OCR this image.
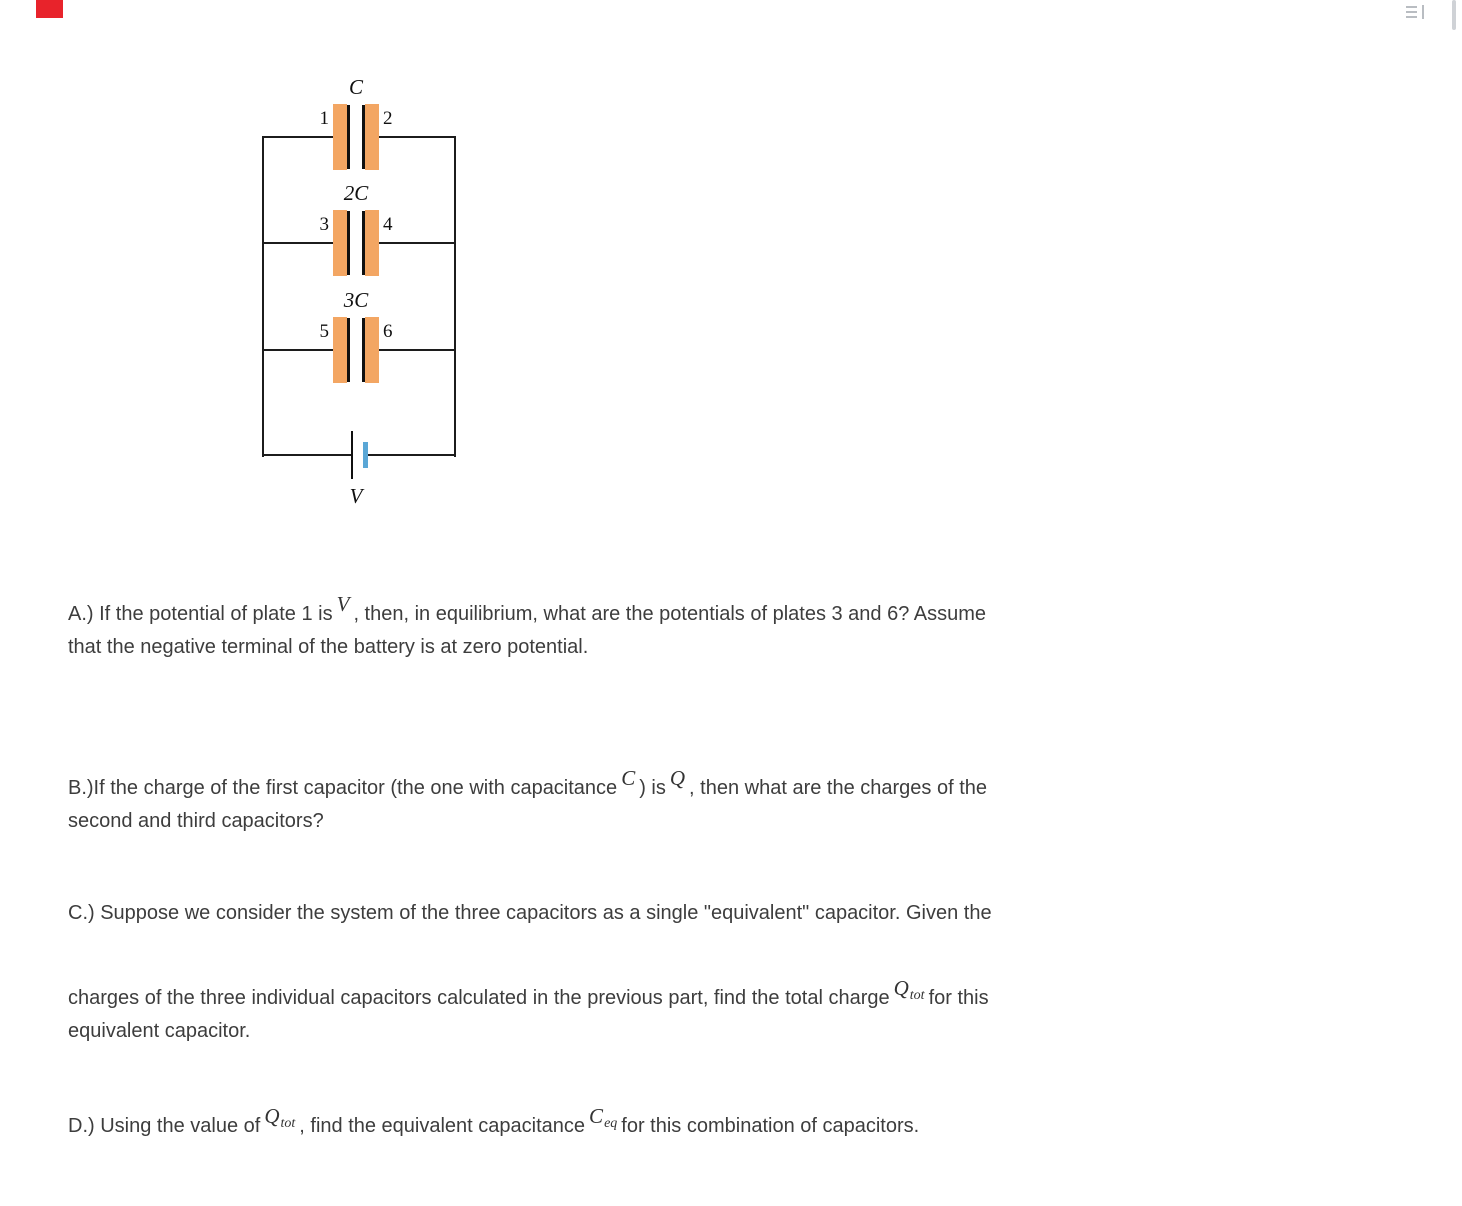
C
1	2
2C
3	4
3C
5	6
V
A.) If the potential of plate 1 is V , then, in equilibrium, what are the potentials of plates 3 and 6? Assume
that the negative terminal of the battery is at zero potential.
B.)If the charge of the first capacitor (the one with capacitance C ) is Q , then what are the charges of the
second and third capacitors?
C.) Suppose we consider the system of the three capacitors as a single "equivalent" capacitor. Given the
charges of the three individual capacitors calculated in the previous part, find the total charge Qtot for this
equivalent capacitor.
D.) Using the value of Qtot , find the equivalent capacitance Ceq for this combination of capacitors.
